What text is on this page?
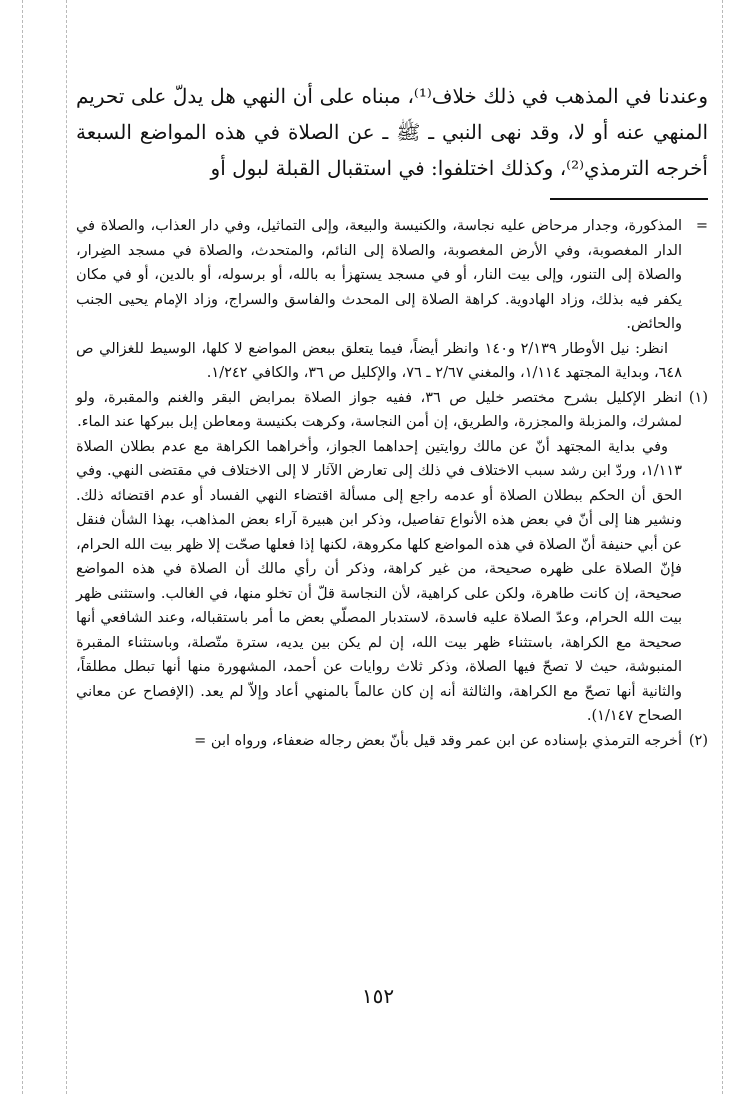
وعندنا في المذهب في ذلك خلاف⁽¹⁾، مبناه على أن النهي هل يدلّ على تحريم المنهي عنه أو لا، وقد نهى النبي ـ ﷺ ـ عن الصلاة في هذه المواضع السبعة أخرجه الترمذي⁽²⁾، وكذلك اختلفوا: في استقبال القبلة لبول أو

=
المذكورة، وجدار مرحاض عليه نجاسة، والكنيسة والبيعة، وإلى التماثيل، وفي دار العذاب، والصلاة في الدار المغصوبة، وفي الأرض المغصوبة، والصلاة إلى النائم، والمتحدث، والصلاة في مسجد الضِرار، والصلاة إلى التنور، وإلى بيت النار، أو في مسجد يستهزأ به بالله، أو برسوله، أو بالدين، أو في مكان يكفر فيه بذلك، وزاد الهادوية. كراهة الصلاة إلى المحدث والفاسق والسراج، وزاد الإمام يحيى الجنب والحائض.

انظر: نيل الأوطار ٢/١٣٩ و١٤٠ وانظر أيضاً، فيما يتعلق ببعض المواضع لا كلها، الوسيط للغزالي ص ٦٤٨، وبداية المجتهد ١/١١٤، والمغني ٢/٦٧ ـ ٧٦، والإكليل ص ٣٦، والكافي ١/٢٤٢.

(١)
انظر الإكليل بشرح مختصر خليل ص ٣٦، ففيه جواز الصلاة بمرابض البقر والغنم والمقبرة، ولو لمشرك، والمزبلة والمجزرة، والطريق، إن أمن النجاسة، وكرهت بكنيسة ومعاطن إبل ببركها عند الماء.

وفي بداية المجتهد أنّ عن مالك روايتين إحداهما الجواز، وأخراهما الكراهة مع عدم بطلان الصلاة ١/١١٣، وردّ ابن رشد سبب الاختلاف في ذلك إلى تعارض الآثار لا إلى الاختلاف في مقتضى النهي. وفي الحق أن الحكم ببطلان الصلاة أو عدمه راجع إلى مسألة اقتضاء النهي الفساد أو عدم اقتضائه ذلك. ونشير هنا إلى أنّ في بعض هذه الأنواع تفاصيل، وذكر ابن هبيرة آراء بعض المذاهب، بهذا الشأن فنقل عن أبي حنيفة أنّ الصلاة في هذه المواضع كلها مكروهة، لكنها إذا فعلها صحّت إلا ظهر بيت الله الحرام، فإنّ الصلاة على ظهره صحيحة، من غير كراهة، وذكر أن رأي مالك أن الصلاة في هذه المواضع صحيحة، إن كانت طاهرة، ولكن على كراهية، لأن النجاسة قلّ أن تخلو منها، في الغالب. واستثنى ظهر بيت الله الحرام، وعدّ الصلاة عليه فاسدة، لاستدبار المصلّي بعض ما أمر باستقباله، وعند الشافعي أنها صحيحة مع الكراهة، باستثناء ظهر بيت الله، إن لم يكن بين يديه، سترة متّصلة، وباستثناء المقبرة المنبوشة، حيث لا تصحّ فيها الصلاة، وذكر ثلاث روايات عن أحمد، المشهورة منها أنها تبطل مطلقاً، والثانية أنها تصحّ مع الكراهة، والثالثة أنه إن كان عالماً بالمنهي أعاد وإلاّ لم يعد. (الإفصاح عن معاني الصحاح ١/١٤٧).

(٢)
أخرجه الترمذي بإسناده عن ابن عمر وقد قيل بأنّ بعض رجاله ضعفاء، ورواه ابن =

١٥٢
